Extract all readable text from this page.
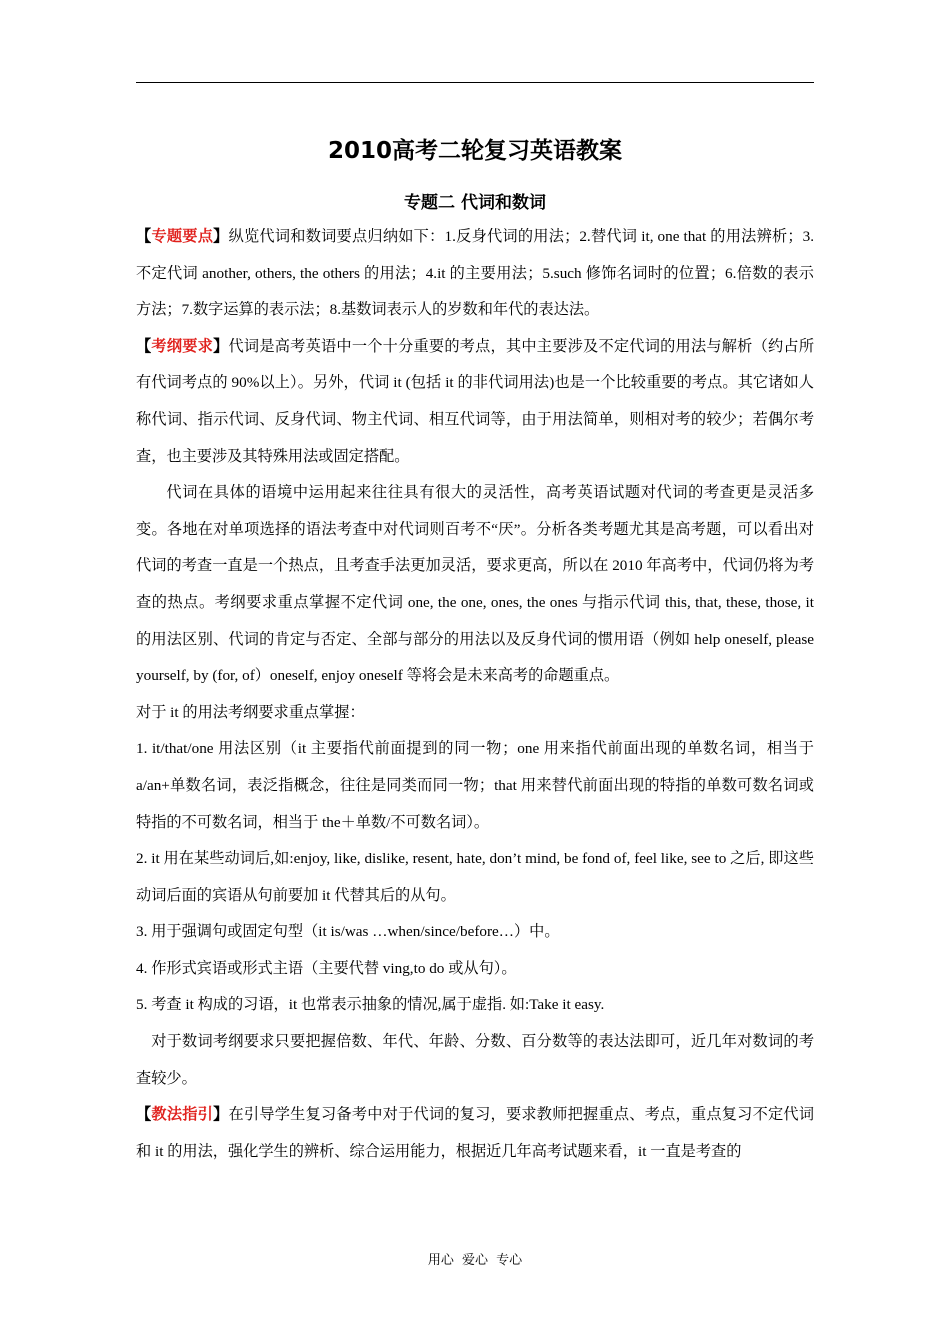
2010高考二轮复习英语教案
专题二 代词和数词

【专题要点】纵览代词和数词要点归纳如下：1.反身代词的用法；2.替代词 it, one that 的用法辨析；3.不定代词 another, others, the others 的用法；4.it 的主要用法；5.such 修饰名词时的位置；6.倍数的表示方法；7.数字运算的表示法；8.基数词表示人的岁数和年代的表达法。

【考纲要求】代词是高考英语中一个十分重要的考点，其中主要涉及不定代词的用法与解析（约占所有代词考点的 90%以上）。另外，代词 it (包括 it 的非代词用法)也是一个比较重要的考点。其它诸如人称代词、指示代词、反身代词、物主代词、相互代词等，由于用法简单，则相对考的较少；若偶尔考查，也主要涉及其特殊用法或固定搭配。

代词在具体的语境中运用起来往往具有很大的灵活性，高考英语试题对代词的考查更是灵活多变。各地在对单项选择的语法考查中对代词则百考不“厌”。分析各类考题尤其是高考题，可以看出对代词的考查一直是一个热点，且考查手法更加灵活，要求更高，所以在 2010 年高考中，代词仍将为考查的热点。考纲要求重点掌握不定代词 one, the one, ones, the ones 与指示代词 this, that, these, those, it 的用法区别、代词的肯定与否定、全部与部分的用法以及反身代词的惯用语（例如 help oneself, please yourself, by (for, of）oneself, enjoy oneself 等将会是未来高考的命题重点。

对于 it 的用法考纲要求重点掌握：

1. it/that/one 用法区别（it 主要指代前面提到的同一物；one 用来指代前面出现的单数名词，相当于 a/an+单数名词，表泛指概念，往往是同类而同一物；that 用来替代前面出现的特指的单数可数名词或特指的不可数名词，相当于 the＋单数/不可数名词）。

2. it 用在某些动词后,如:enjoy, like, dislike, resent, hate, don’t mind, be fond of, feel like, see to 之后, 即这些动词后面的宾语从句前要加 it 代替其后的从句。

3. 用于强调句或固定句型（it is/was …when/since/before…）中。

4. 作形式宾语或形式主语（主要代替 ving,to do 或从句）。

5. 考查 it 构成的习语，it 也常表示抽象的情况,属于虚指. 如:Take it easy.

对于数词考纲要求只要把握倍数、年代、年龄、分数、百分数等的表达法即可，近几年对数词的考查较少。

【教法指引】在引导学生复习备考中对于代词的复习，要求教师把握重点、考点，重点复习不定代词和 it 的用法，强化学生的辨析、综合运用能力，根据近几年高考试题来看，it 一直是考查的

用心 爱心 专心
